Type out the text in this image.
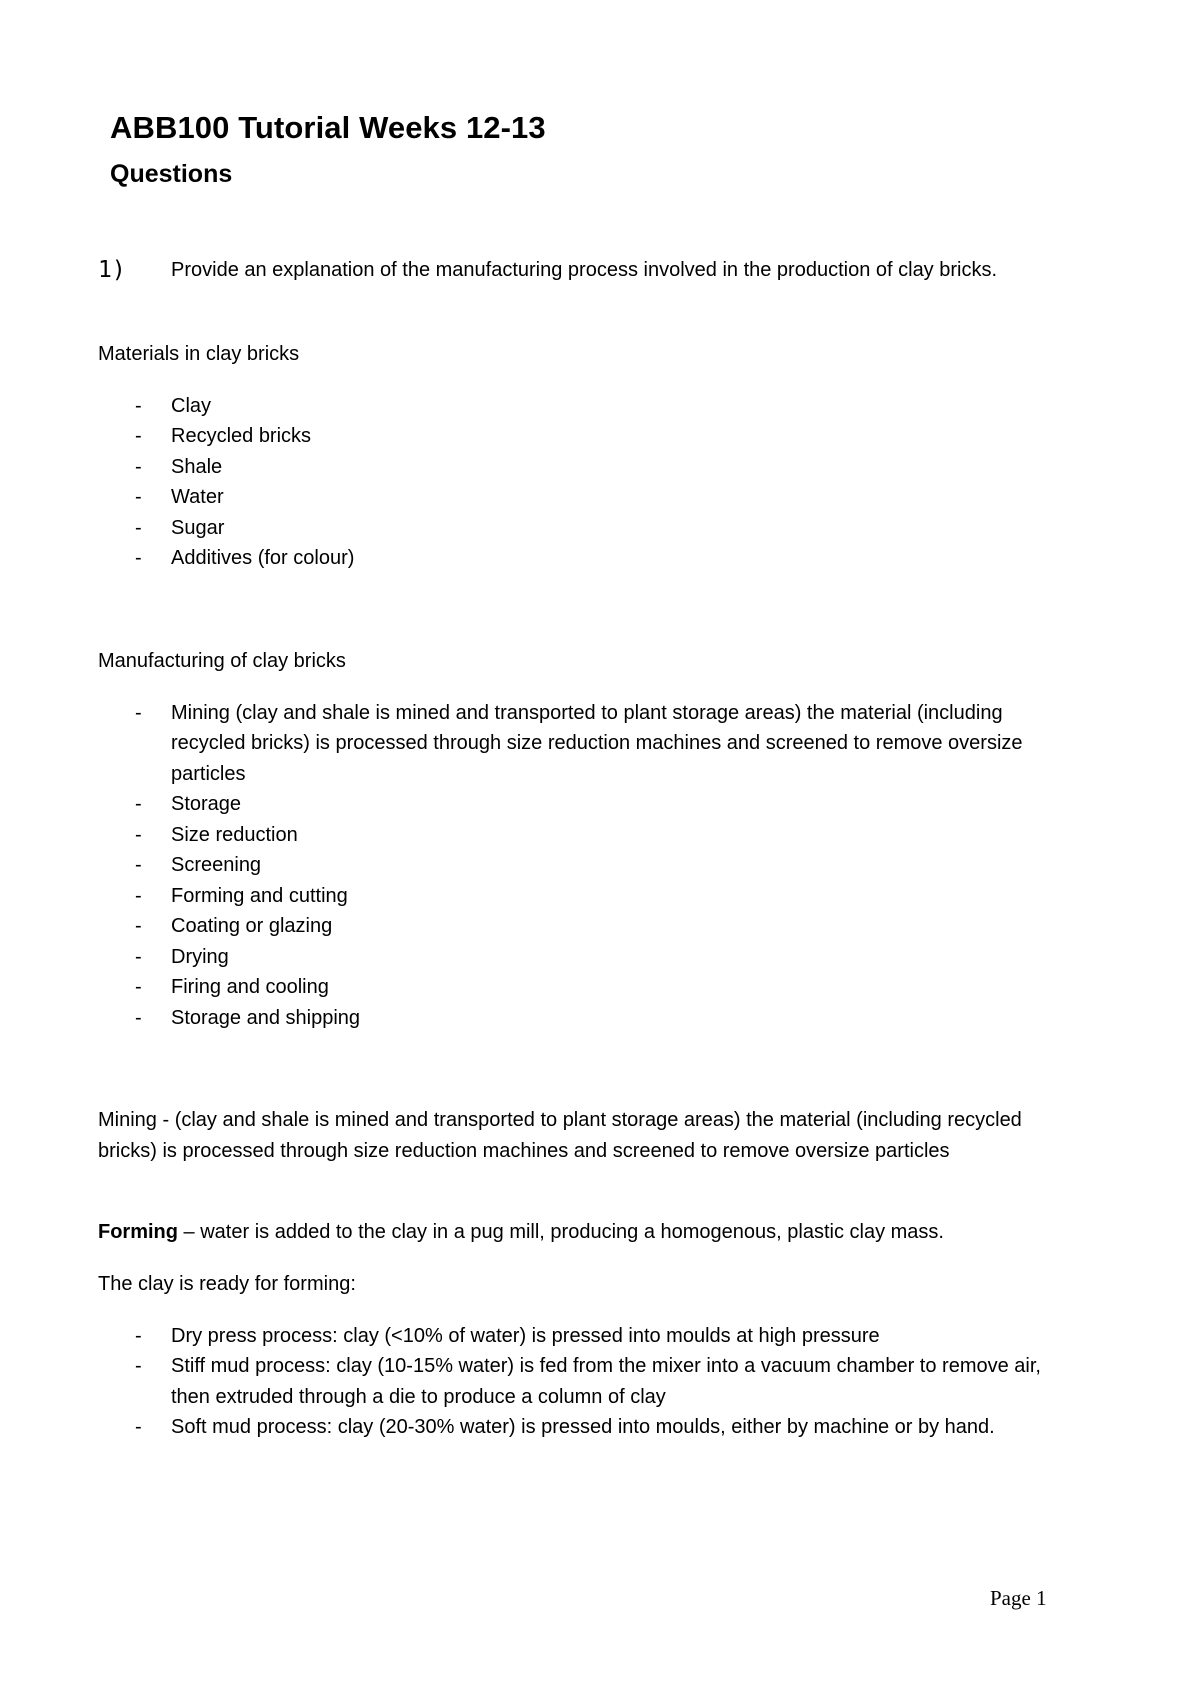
ABB100 Tutorial Weeks 12-13
Questions
1) Provide an explanation of the manufacturing process involved in the production of clay bricks.

Materials in clay bricks

- Clay
- Recycled bricks
- Shale
- Water
- Sugar
- Additives (for colour)

Manufacturing of clay bricks

- Mining (clay and shale is mined and transported to plant storage areas) the material (including recycled bricks) is processed through size reduction machines and screened to remove oversize particles
- Storage
- Size reduction
- Screening
- Forming and cutting
- Coating or glazing
- Drying
- Firing and cooling
- Storage and shipping

Mining - (clay and shale is mined and transported to plant storage areas) the material (including recycled bricks) is processed through size reduction machines and screened to remove oversize particles

Forming – water is added to the clay in a pug mill, producing a homogenous, plastic clay mass.

The clay is ready for forming:

- Dry press process: clay (<10% of water) is pressed into moulds at high pressure
- Stiff mud process: clay (10-15% water) is fed from the mixer into a vacuum chamber to remove air, then extruded through a die to produce a column of clay
- Soft mud process: clay (20-30% water) is pressed into moulds, either by machine or by hand.
Page 1
